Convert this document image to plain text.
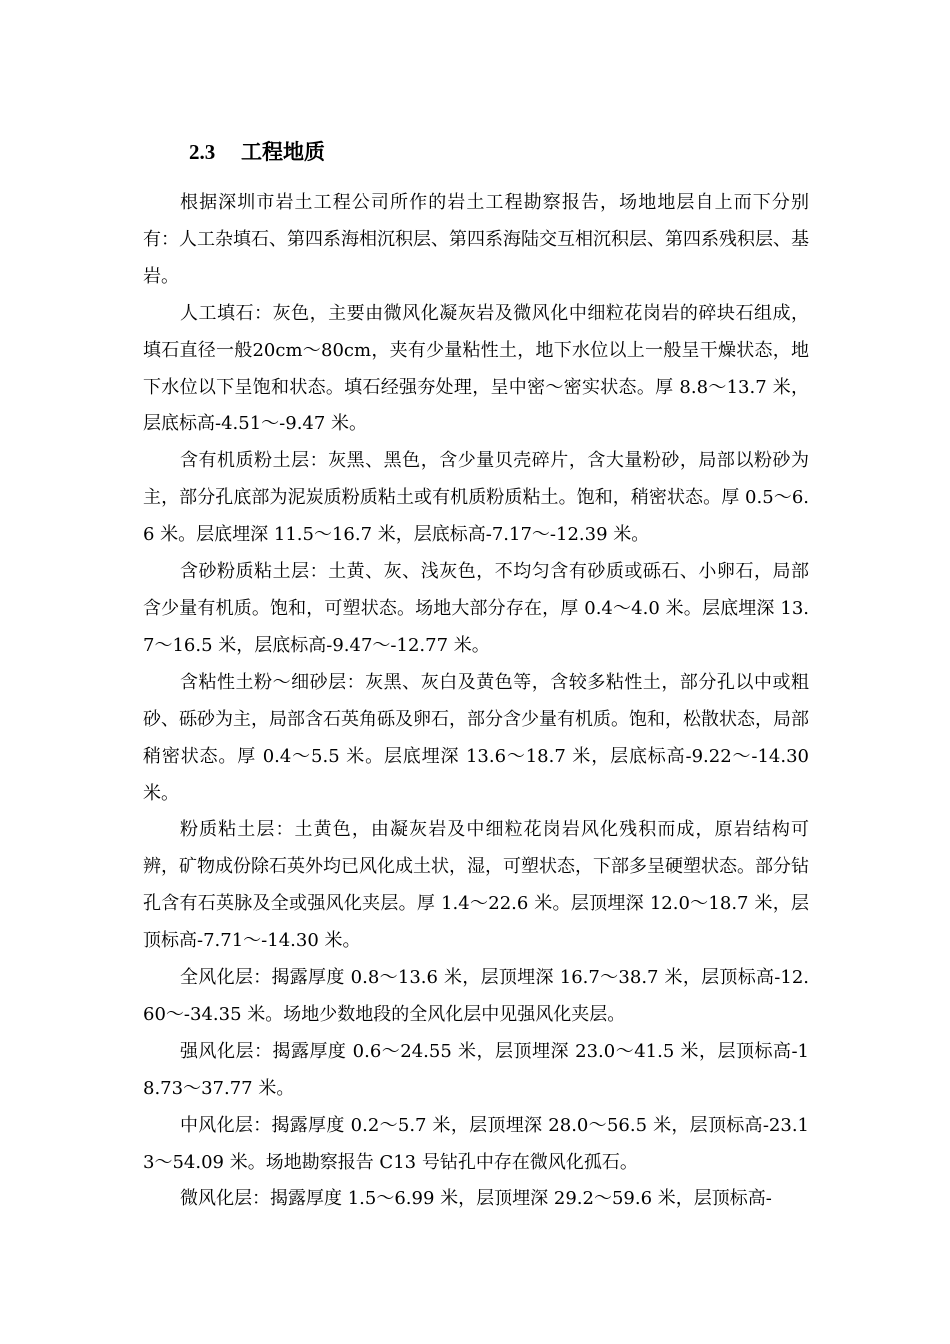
2.3 工程地质

根据深圳市岩土工程公司所作的岩土工程勘察报告，场地地层自上而下分别有：人工杂填石、第四系海相沉积层、第四系海陆交互相沉积层、第四系残积层、基岩。

人工填石：灰色，主要由微风化凝灰岩及微风化中细粒花岗岩的碎块石组成，填石直径一般20cm～80cm，夹有少量粘性土，地下水位以上一般呈干燥状态，地下水位以下呈饱和状态。填石经强夯处理，呈中密～密实状态。厚 8.8～13.7 米，层底标高-4.51～-9.47 米。

含有机质粉土层：灰黑、黑色，含少量贝壳碎片，含大量粉砂，局部以粉砂为主，部分孔底部为泥炭质粉质粘土或有机质粉质粘土。饱和，稍密状态。厚 0.5～6.6 米。层底埋深 11.5～16.7 米，层底标高-7.17～-12.39 米。

含砂粉质粘土层：土黄、灰、浅灰色，不均匀含有砂质或砾石、小卵石，局部含少量有机质。饱和，可塑状态。场地大部分存在，厚 0.4～4.0 米。层底埋深 13.7～16.5 米，层底标高-9.47～-12.77 米。

含粘性土粉～细砂层：灰黑、灰白及黄色等，含较多粘性土，部分孔以中或粗砂、砾砂为主，局部含石英角砾及卵石，部分含少量有机质。饱和，松散状态，局部稍密状态。厚 0.4～5.5 米。层底埋深 13.6～18.7 米，层底标高-9.22～-14.30 米。

粉质粘土层：土黄色，由凝灰岩及中细粒花岗岩风化残积而成，原岩结构可辨，矿物成份除石英外均已风化成土状，湿，可塑状态，下部多呈硬塑状态。部分钻孔含有石英脉及全或强风化夹层。厚 1.4～22.6 米。层顶埋深 12.0～18.7 米，层顶标高-7.71～-14.30 米。

全风化层：揭露厚度 0.8～13.6 米，层顶埋深 16.7～38.7 米，层顶标高-12.60～-34.35 米。场地少数地段的全风化层中见强风化夹层。

强风化层：揭露厚度 0.6～24.55 米，层顶埋深 23.0～41.5 米，层顶标高-18.73～37.77 米。

中风化层：揭露厚度 0.2～5.7 米，层顶埋深 28.0～56.5 米，层顶标高-23.13～54.09 米。场地勘察报告 C13 号钻孔中存在微风化孤石。

微风化层：揭露厚度 1.5～6.99 米，层顶埋深 29.2～59.6 米，层顶标高-
